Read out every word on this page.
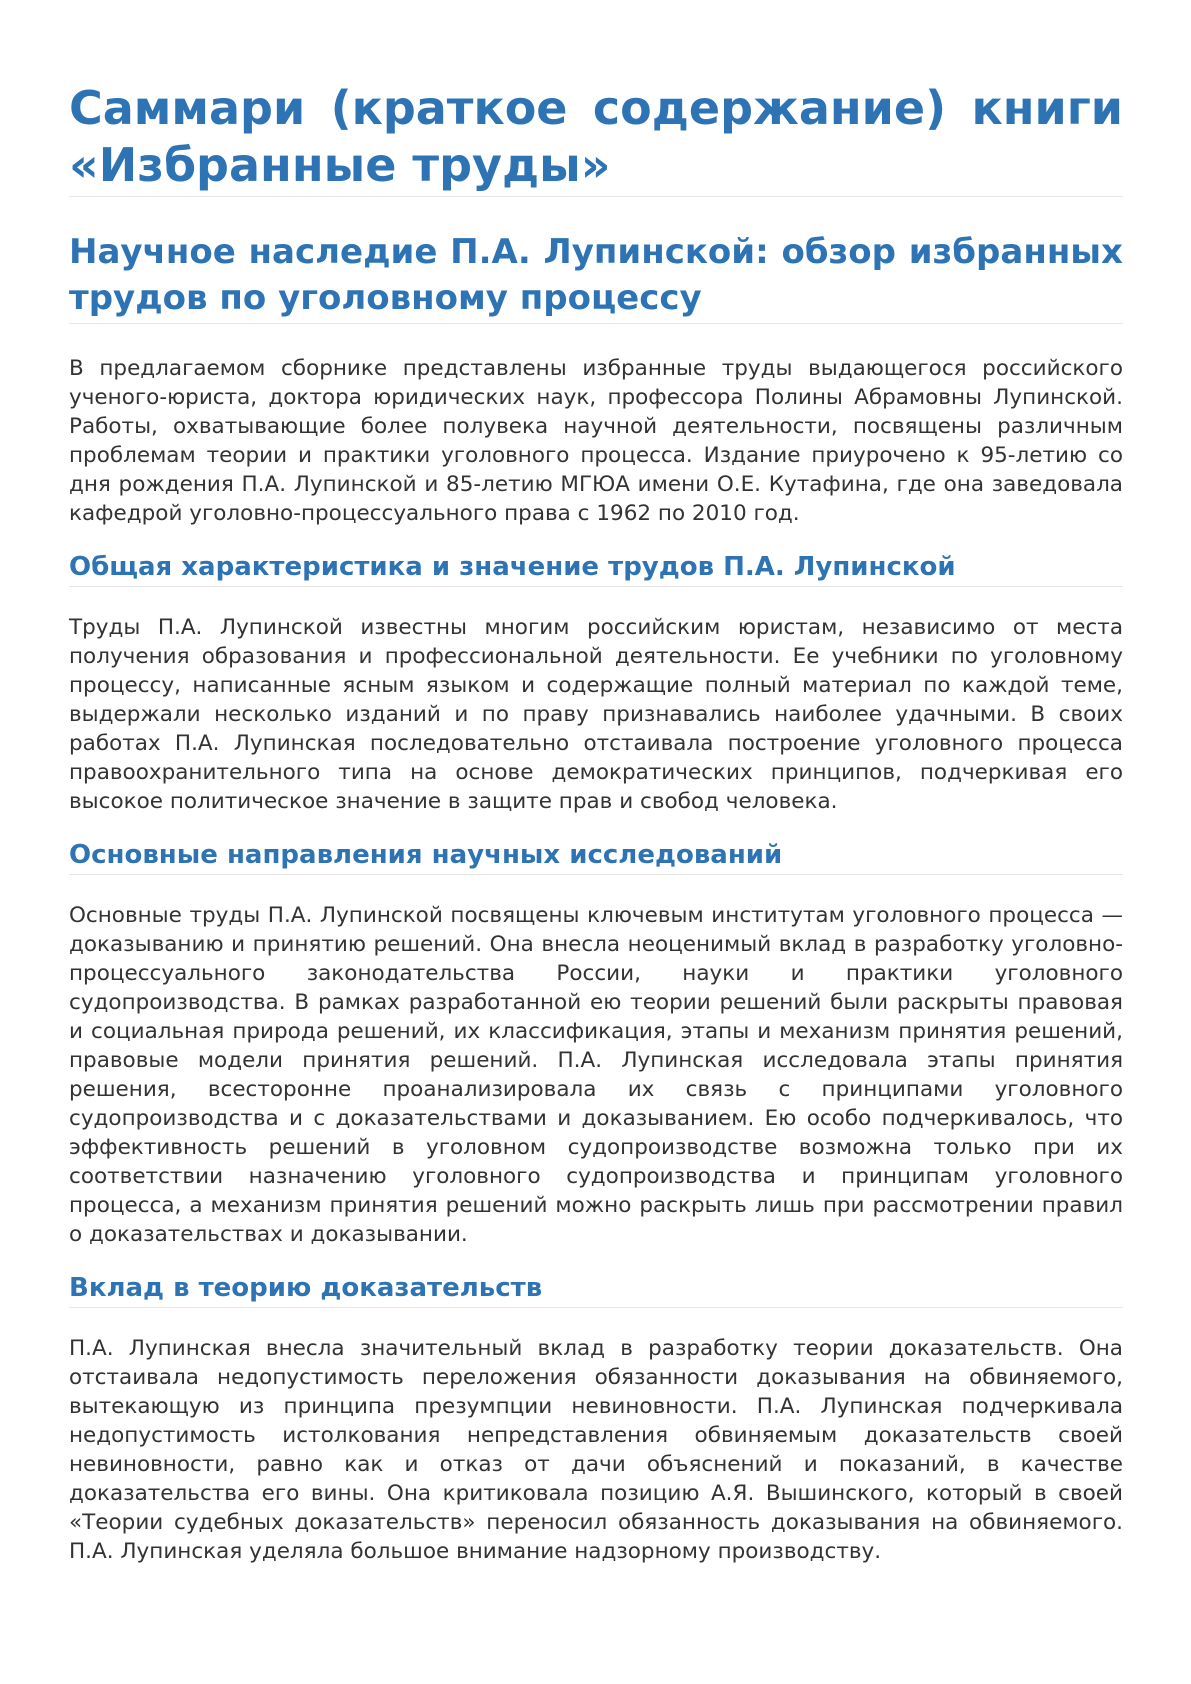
Саммари (краткое содержание) книги «Избранные труды»
Научное наследие П.А. Лупинской: обзор избранных трудов по уголовному процессу

В предлагаемом сборнике представлены избранные труды выдающегося российского ученого-юриста, доктора юридических наук, профессора Полины Абрамовны Лупинской. Работы, охватывающие более полувека научной деятельности, посвящены различным проблемам теории и практики уголовного процесса. Издание приурочено к 95-летию со дня рождения П.А. Лупинской и 85-летию МГЮА имени О.Е. Кутафина, где она заведовала кафедрой уголовно-процессуального права с 1962 по 2010 год.

Общая характеристика и значение трудов П.А. Лупинской

Труды П.А. Лупинской известны многим российским юристам, независимо от места получения образования и профессиональной деятельности. Ее учебники по уголовному процессу, написанные ясным языком и содержащие полный материал по каждой теме, выдержали несколько изданий и по праву признавались наиболее удачными. В своих работах П.А. Лупинская последовательно отстаивала построение уголовного процесса правоохранительного типа на основе демократических принципов, подчеркивая его высокое политическое значение в защите прав и свобод человека.

Основные направления научных исследований

Основные труды П.А. Лупинской посвящены ключевым институтам уголовного процесса — доказыванию и принятию решений. Она внесла неоценимый вклад в разработку уголовно-процессуального законодательства России, науки и практики уголовного судопроизводства. В рамках разработанной ею теории решений были раскрыты правовая и социальная природа решений, их классификация, этапы и механизм принятия решений, правовые модели принятия решений. П.А. Лупинская исследовала этапы принятия решения, всесторонне проанализировала их связь с принципами уголовного судопроизводства и с доказательствами и доказыванием. Ею особо подчеркивалось, что эффективность решений в уголовном судопроизводстве возможна только при их соответствии назначению уголовного судопроизводства и принципам уголовного процесса, а механизм принятия решений можно раскрыть лишь при рассмотрении правил о доказательствах и доказывании.

Вклад в теорию доказательств

П.А. Лупинская внесла значительный вклад в разработку теории доказательств. Она отстаивала недопустимость переложения обязанности доказывания на обвиняемого, вытекающую из принципа презумпции невиновности. П.А. Лупинская подчеркивала недопустимость истолкования непредставления обвиняемым доказательств своей невиновности, равно как и отказ от дачи объяснений и показаний, в качестве доказательства его вины. Она критиковала позицию А.Я. Вышинского, который в своей «Теории судебных доказательств» переносил обязанность доказывания на обвиняемого. П.А. Лупинская уделяла большое внимание надзорному производству.
